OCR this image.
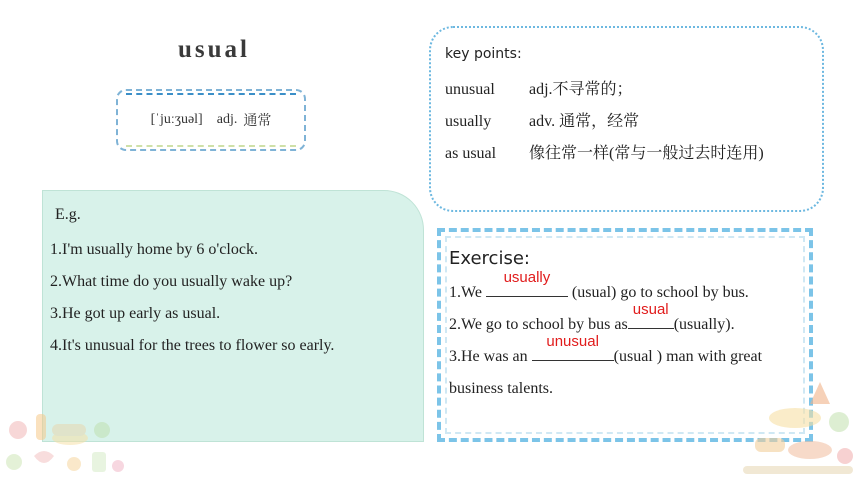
usual
[ˈjuːʒuəl] adj. 通常
E.g.
1.I'm usually home by 6 o'clock.
2.What time do you usually wake up?
3.He got up early as usual.
4.It's unusual for the trees to flower so early.
key points:
unusual	adj.不寻常的；
usually	adv. 通常，经常
as usual	像往常一样(常与一般过去时连用)
Exercise:
1.We
usually
(usual) go to school by bus.
2.We go to school by bus as
usual
(usually).
3.He was an
unusual
(usual ) man with great
business talents.
